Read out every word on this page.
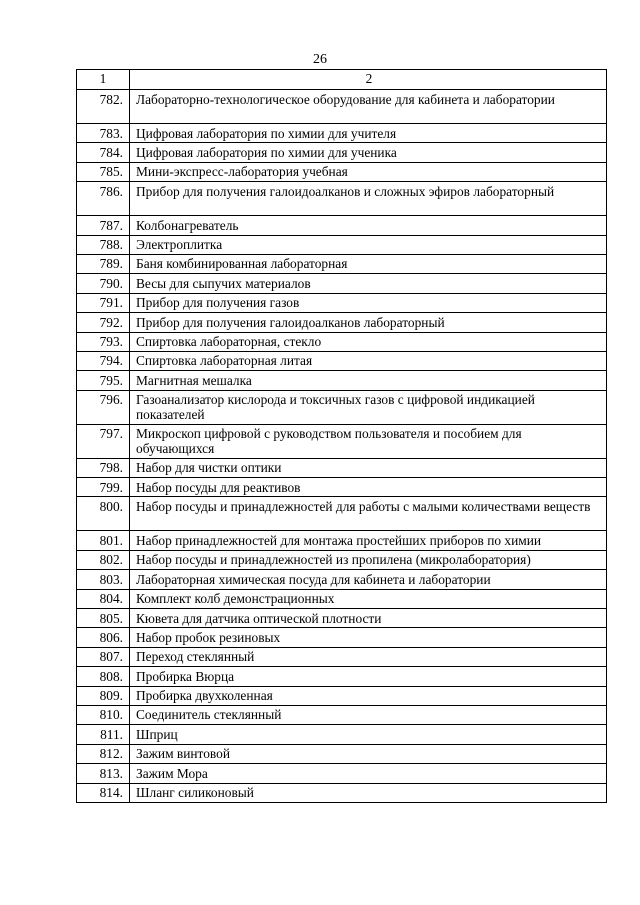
26
1	2
782.	Лабораторно-технологическое оборудование для кабинета и лаборатории
783.	Цифровая лаборатория по химии для учителя
784.	Цифровая лаборатория по химии для ученика
785.	Мини-экспресс-лаборатория учебная
786.	Прибор для получения галоидоалканов и сложных эфиров лабораторный
787.	Колбонагреватель
788.	Электроплитка
789.	Баня комбинированная лабораторная
790.	Весы для сыпучих материалов
791.	Прибор для получения газов
792.	Прибор для получения галоидоалканов лабораторный
793.	Спиртовка лабораторная, стекло
794.	Спиртовка лабораторная литая
795.	Магнитная мешалка
796.	Газоанализатор кислорода и токсичных газов с цифровой индикацией показателей
797.	Микроскоп цифровой с руководством пользователя и пособием для обучающихся
798.	Набор для чистки оптики
799.	Набор посуды для реактивов
800.	Набор посуды и принадлежностей для работы с малыми количествами веществ
801.	Набор принадлежностей для монтажа простейших приборов по химии
802.	Набор посуды и принадлежностей из пропилена (микролаборатория)
803.	Лабораторная химическая посуда для кабинета и лаборатории
804.	Комплект колб демонстрационных
805.	Кювета для датчика оптической плотности
806.	Набор пробок резиновых
807.	Переход стеклянный
808.	Пробирка Вюрца
809.	Пробирка двухколенная
810.	Соединитель стеклянный
811.	Шприц
812.	Зажим винтовой
813.	Зажим Мора
814.	Шланг силиконовый
